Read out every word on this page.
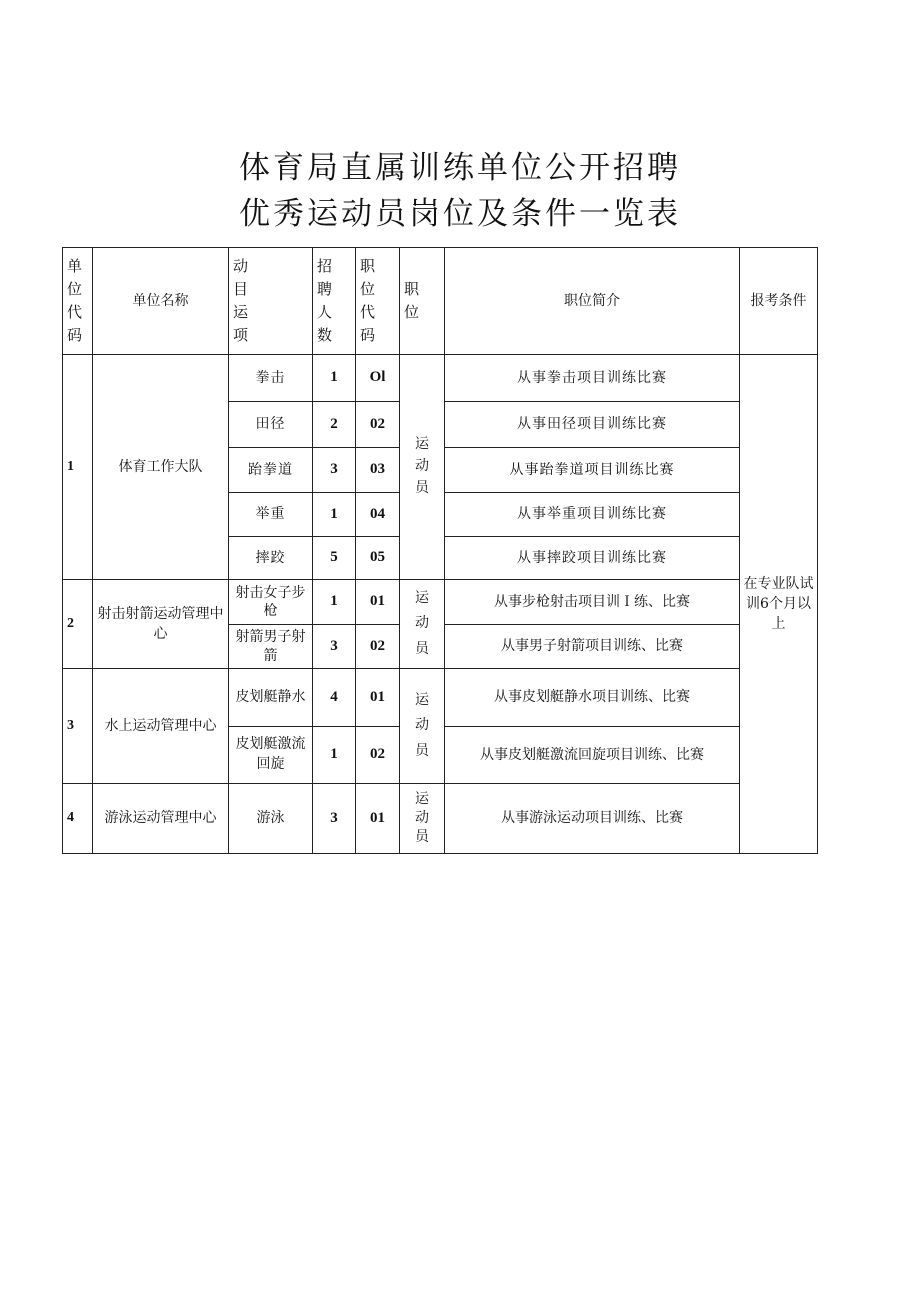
体育局直属训练单位公开招聘
优秀运动员岗位及条件一览表
单位代码	单位名称	动目运项	招聘人数	职位代码	职位	职位简介	报考条件
1	体育工作大队	拳击	1	Ol	运动员	从事拳击项目训练比赛	在专业队试训6个月以上
		田径	2	02		从事田径项目训练比赛	
		跆拳道	3	03		从事跆拳道项目训练比赛	
		举重	1	04		从事举重项目训练比赛	
		摔跤	5	05		从事摔跤项目训练比赛	
2	射击射箭运动管理中心	射击女子步枪	1	01	运动员	从事步枪射击项目训Ｉ练、比赛	
		射箭男子射箭	3	02		从事男子射箭项目训练、比赛	
3	水上运动管理中心	皮划艇静水	4	01	运动员	从事皮划艇静水项目训练、比赛	
		皮划艇激流回旋	1	02		从事皮划艇激流回旋项目训练、比赛	
4	游泳运动管理中心	游泳	3	01	运动员	从事游泳运动项目训练、比赛	
